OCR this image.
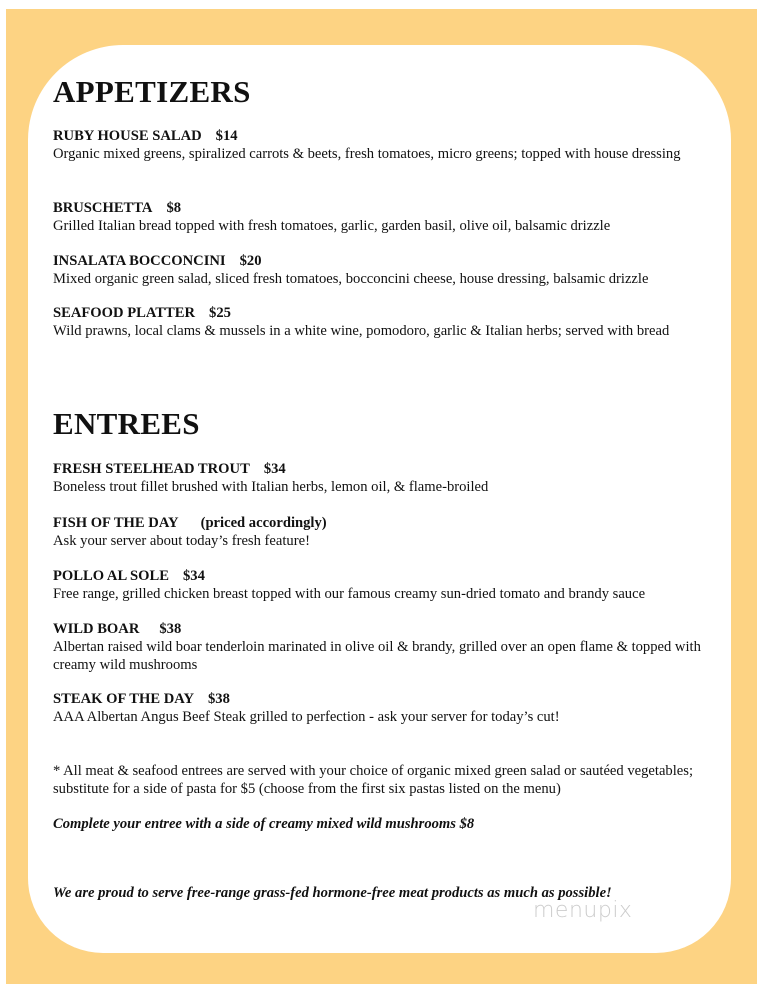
APPETIZERS
RUBY HOUSE SALAD $14
Organic mixed greens, spiralized carrots & beets, fresh tomatoes, micro greens; topped with house dressing
BRUSCHETTA $8
Grilled Italian bread topped with fresh tomatoes, garlic, garden basil, olive oil, balsamic drizzle
INSALATA BOCCONCINI $20
Mixed organic green salad, sliced fresh tomatoes, bocconcini cheese, house dressing, balsamic drizzle
SEAFOOD PLATTER $25
Wild prawns, local clams & mussels in a white wine, pomodoro, garlic & Italian herbs; served with bread
ENTREES
FRESH STEELHEAD TROUT $34
Boneless trout fillet brushed with Italian herbs, lemon oil, & flame-broiled
FISH OF THE DAY (priced accordingly)
Ask your server about today’s fresh feature!
POLLO AL SOLE $34
Free range, grilled chicken breast topped with our famous creamy sun-dried tomato and brandy sauce
WILD BOAR $38
Albertan raised wild boar tenderloin marinated in olive oil & brandy, grilled over an open flame & topped with creamy wild mushrooms
STEAK OF THE DAY $38
AAA Albertan Angus Beef Steak grilled to perfection - ask your server for today’s cut!
* All meat & seafood entrees are served with your choice of organic mixed green salad or sautéed vegetables; substitute for a side of pasta for $5 (choose from the first six pastas listed on the menu)
Complete your entree with a side of creamy mixed wild mushrooms $8
We are proud to serve free-range grass-fed hormone-free meat products as much as possible!
menupix
